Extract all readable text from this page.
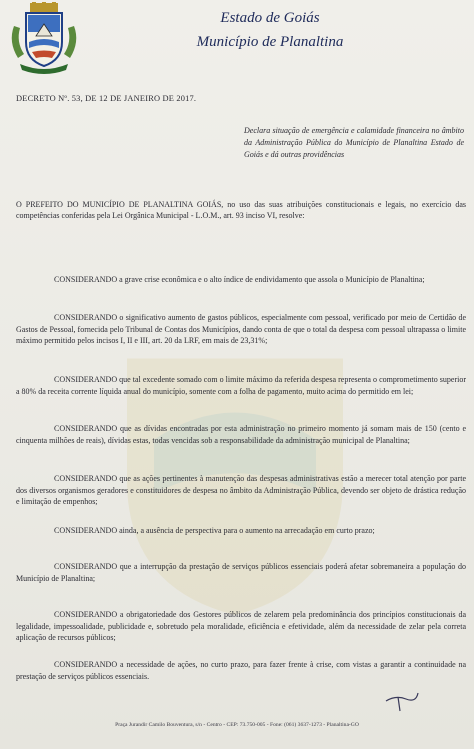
Estado de Goiás
Município de Planaltina
DECRETO Nº. 53, DE 12 DE JANEIRO DE 2017.
Declara situação de emergência e calamidade financeira no âmbito da Administração Pública do Município de Planaltina Estado de Goiás e dá outras providências
O PREFEITO DO MUNICÍPIO DE PLANALTINA GOIÁS, no uso das suas atribuições constitucionais e legais, no exercício das competências conferidas pela Lei Orgânica Municipal - L.O.M., art. 93 inciso VI, resolve:
CONSIDERANDO a grave crise econômica e o alto índice de endividamento que assola o Município de Planaltina;
CONSIDERANDO o significativo aumento de gastos públicos, especialmente com pessoal, verificado por meio de Certidão de Gastos de Pessoal, fornecida pelo Tribunal de Contas dos Municípios, dando conta de que o total da despesa com pessoal ultrapassa o limite máximo permitido pelos incisos I, II e III, art. 20 da LRF, em mais de 23,31%;
CONSIDERANDO que tal excedente somado com o limite máximo da referida despesa representa o comprometimento superior a 80% da receita corrente líquida anual do município, somente com a folha de pagamento, muito acima do permitido em lei;
CONSIDERANDO que as dívidas encontradas por esta administração no primeiro momento já somam mais de 150 (cento e cinquenta milhões de reais), dívidas estas, todas vencidas sob a responsabilidade da administração municipal de Planaltina;
CONSIDERANDO que as ações pertinentes à manutenção das despesas administrativas estão a merecer total atenção por parte dos diversos organismos geradores e constituidores de despesa no âmbito da Administração Pública, devendo ser objeto de drástica redução e limitação de empenhos;
CONSIDERANDO ainda, a ausência de perspectiva para o aumento na arrecadação em curto prazo;
CONSIDERANDO que a interrupção da prestação de serviços públicos essenciais poderá afetar sobremaneira a população do Município de Planaltina;
CONSIDERANDO a obrigatoriedade dos Gestores públicos de zelarem pela predominância dos princípios constitucionais da legalidade, impessoalidade, publicidade e, sobretudo pela moralidade, eficiência e efetividade, além da necessidade de zelar pela correta aplicação de recursos públicos;
CONSIDERANDO a necessidade de ações, no curto prazo, para fazer frente à crise, com vistas a garantir a continuidade na prestação de serviços públicos essenciais.
Praça Jurandir Camilo Bouventura, s/n - Centro - CEP: 73.750-005 - Fone: (061) 3637-1273 - Planaltina-GO
